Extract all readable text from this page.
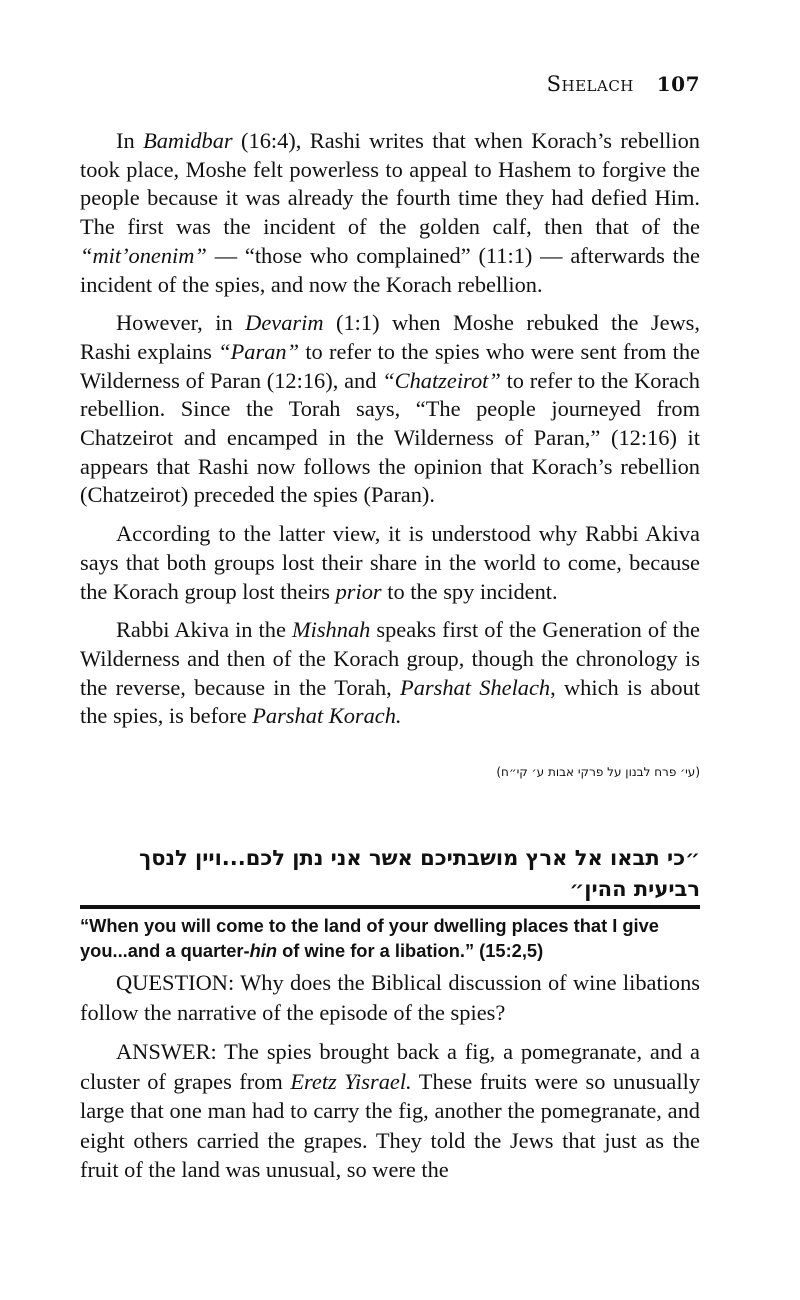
Shelach 107

In Bamidbar (16:4), Rashi writes that when Korach’s rebellion took place, Moshe felt powerless to appeal to Hashem to forgive the people because it was already the fourth time they had defied Him. The first was the incident of the golden calf, then that of the “mit’onenim” — “those who complained” (11:1) — afterwards the incident of the spies, and now the Korach rebellion.

However, in Devarim (1:1) when Moshe rebuked the Jews, Rashi explains “Paran” to refer to the spies who were sent from the Wilderness of Paran (12:16), and “Chatzeirot” to refer to the Korach rebellion. Since the Torah says, “The people journeyed from Chatzeirot and encamped in the Wilderness of Paran,” (12:16) it appears that Rashi now follows the opinion that Korach’s rebellion (Chatzeirot) preceded the spies (Paran).

According to the latter view, it is understood why Rabbi Akiva says that both groups lost their share in the world to come, because the Korach group lost theirs prior to the spy incident.

Rabbi Akiva in the Mishnah speaks first of the Generation of the Wilderness and then of the Korach group, though the chronology is the reverse, because in the Torah, Parshat Shelach, which is about the spies, is before Parshat Korach.

(עי׳ פרח לבנון על פרקי אבות ע׳ קי״ח)
״כי תבאו אל ארץ מושבתיכם אשר אני נתן לכם...ויין לנסך רביעית ההין״
“When you will come to the land of your dwelling places that I give you...and a quarter-hin of wine for a libation.” (15:2,5)

QUESTION: Why does the Biblical discussion of wine libations follow the narrative of the episode of the spies?

ANSWER: The spies brought back a fig, a pomegranate, and a cluster of grapes from Eretz Yisrael. These fruits were so unusually large that one man had to carry the fig, another the pomegranate, and eight others carried the grapes. They told the Jews that just as the fruit of the land was unusual, so were the
